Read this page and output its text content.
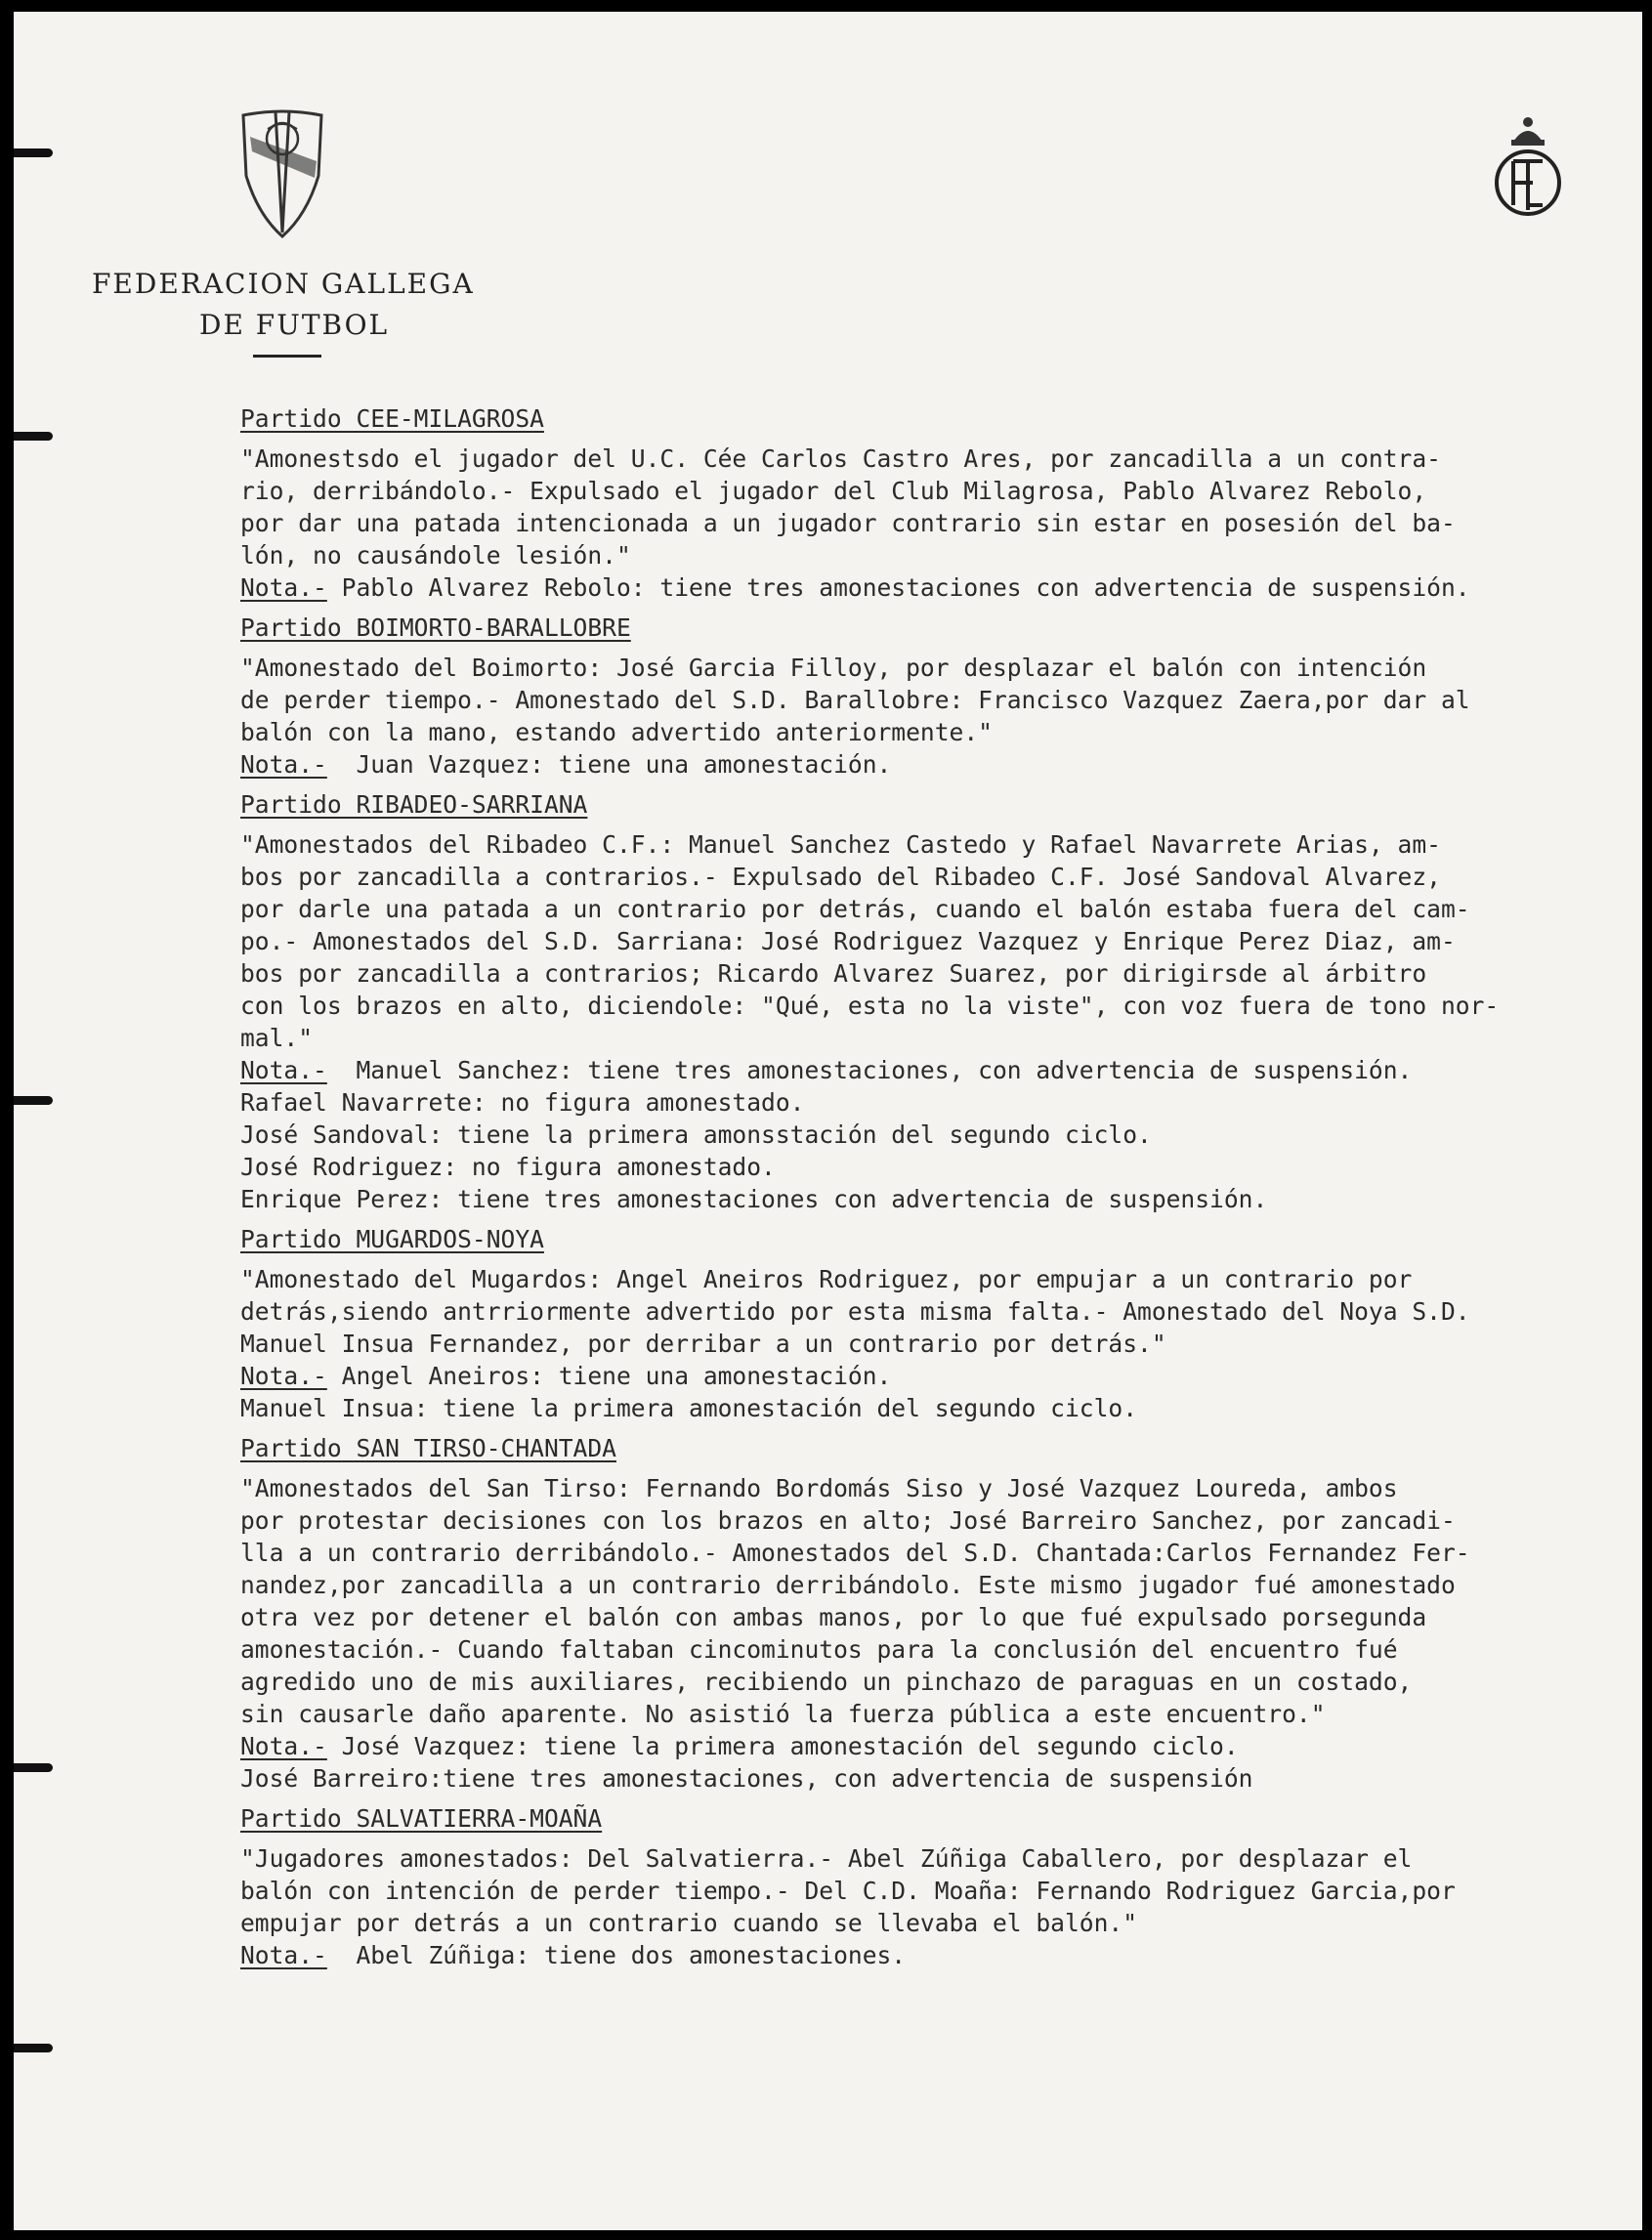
FEDERACION GALLEGA
DE FUTBOL
Partido CEE-MILAGROSA
"Amonestsdo el jugador del U.C. Cée Carlos Castro Ares, por zancadilla a un contra-
rio, derribándolo.- Expulsado el jugador del Club Milagrosa, Pablo Alvarez Rebolo,
por dar una patada intencionada a un jugador contrario sin estar en posesión del ba-
lón, no causándole lesión."
Nota.- Pablo Alvarez Rebolo: tiene tres amonestaciones con advertencia de suspensión.
Partido BOIMORTO-BARALLOBRE
"Amonestado del Boimorto: José Garcia Filloy, por desplazar el balón con intención
de perder tiempo.- Amonestado del S.D. Barallobre: Francisco Vazquez Zaera,por dar al
balón con la mano, estando advertido anteriormente."
Nota.-  Juan Vazquez: tiene una amonestación.
Partido RIBADEO-SARRIANA
"Amonestados del Ribadeo C.F.: Manuel Sanchez Castedo y Rafael Navarrete Arias, am-
bos por zancadilla a contrarios.- Expulsado del Ribadeo C.F. José Sandoval Alvarez,
por darle una patada a un contrario por detrás, cuando el balón estaba fuera del cam-
po.- Amonestados del S.D. Sarriana: José Rodriguez Vazquez y Enrique Perez Diaz, am-
bos por zancadilla a contrarios; Ricardo Alvarez Suarez, por dirigirsde al árbitro
con los brazos en alto, diciendole: "Qué, esta no la viste", con voz fuera de tono nor-
mal."
Nota.-  Manuel Sanchez: tiene tres amonestaciones, con advertencia de suspensión.
Rafael Navarrete: no figura amonestado.
José Sandoval: tiene la primera amonsstación del segundo ciclo.
José Rodriguez: no figura amonestado.
Enrique Perez: tiene tres amonestaciones con advertencia de suspensión.
Partido MUGARDOS-NOYA
"Amonestado del Mugardos: Angel Aneiros Rodriguez, por empujar a un contrario por
detrás,siendo antrriormente advertido por esta misma falta.- Amonestado del Noya S.D.
Manuel Insua Fernandez, por derribar a un contrario por detrás."
Nota.- Angel Aneiros: tiene una amonestación.
Manuel Insua: tiene la primera amonestación del segundo ciclo.
Partido SAN TIRSO-CHANTADA
"Amonestados del San Tirso: Fernando Bordomás Siso y José Vazquez Loureda, ambos
por protestar decisiones con los brazos en alto; José Barreiro Sanchez, por zancadi-
lla a un contrario derribándolo.- Amonestados del S.D. Chantada:Carlos Fernandez Fer-
nandez,por zancadilla a un contrario derribándolo. Este mismo jugador fué amonestado
otra vez por detener el balón con ambas manos, por lo que fué expulsado porsegunda
amonestación.- Cuando faltaban cincominutos para la conclusión del encuentro fué
agredido uno de mis auxiliares, recibiendo un pinchazo de paraguas en un costado,
sin causarle daño aparente. No asistió la fuerza pública a este encuentro."
Nota.- José Vazquez: tiene la primera amonestación del segundo ciclo.
José Barreiro:tiene tres amonestaciones, con advertencia de suspensión
Partido SALVATIERRA-MOAÑA
"Jugadores amonestados: Del Salvatierra.- Abel Zúñiga Caballero, por desplazar el
balón con intención de perder tiempo.- Del C.D. Moaña: Fernando Rodriguez Garcia,por
empujar por detrás a un contrario cuando se llevaba el balón."
Nota.-  Abel Zúñiga: tiene dos amonestaciones.
